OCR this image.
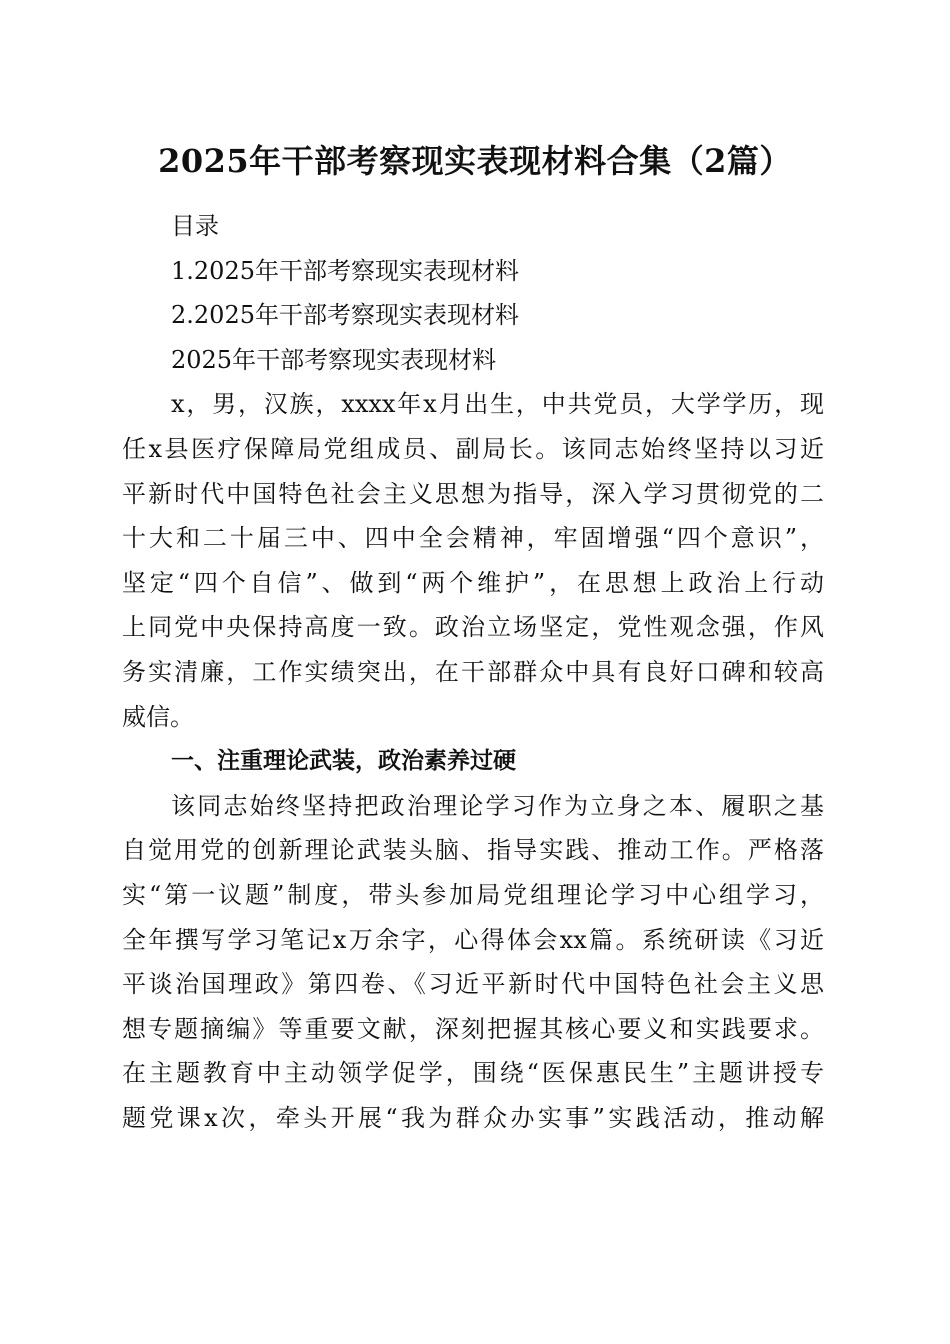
2025年干部考察现实表现材料合集（2篇）
目录
1.2025年干部考察现实表现材料
2.2025年干部考察现实表现材料
2025年干部考察现实表现材料
x，男，汉族，xxxx年x月出生，中共党员，大学学历，现
任x县医疗保障局党组成员、副局长。该同志始终坚持以习近
平新时代中国特色社会主义思想为指导，深入学习贯彻党的二
十大和二十届三中、四中全会精神，牢固增强“四个意识”，
坚定“四个自信”、做到“两个维护”，在思想上政治上行动
上同党中央保持高度一致。政治立场坚定，党性观念强，作风
务实清廉，工作实绩突出，在干部群众中具有良好口碑和较高
威信。
一、注重理论武装，政治素养过硬
该同志始终坚持把政治理论学习作为立身之本、履职之基
自觉用党的创新理论武装头脑、指导实践、推动工作。严格落
实“第一议题”制度，带头参加局党组理论学习中心组学习，
全年撰写学习笔记x万余字，心得体会xx篇。系统研读《习近
平谈治国理政》第四卷、《习近平新时代中国特色社会主义思
想专题摘编》等重要文献，深刻把握其核心要义和实践要求。
在主题教育中主动领学促学，围绕“医保惠民生”主题讲授专
题党课x次，牵头开展“我为群众办实事”实践活动，推动解
